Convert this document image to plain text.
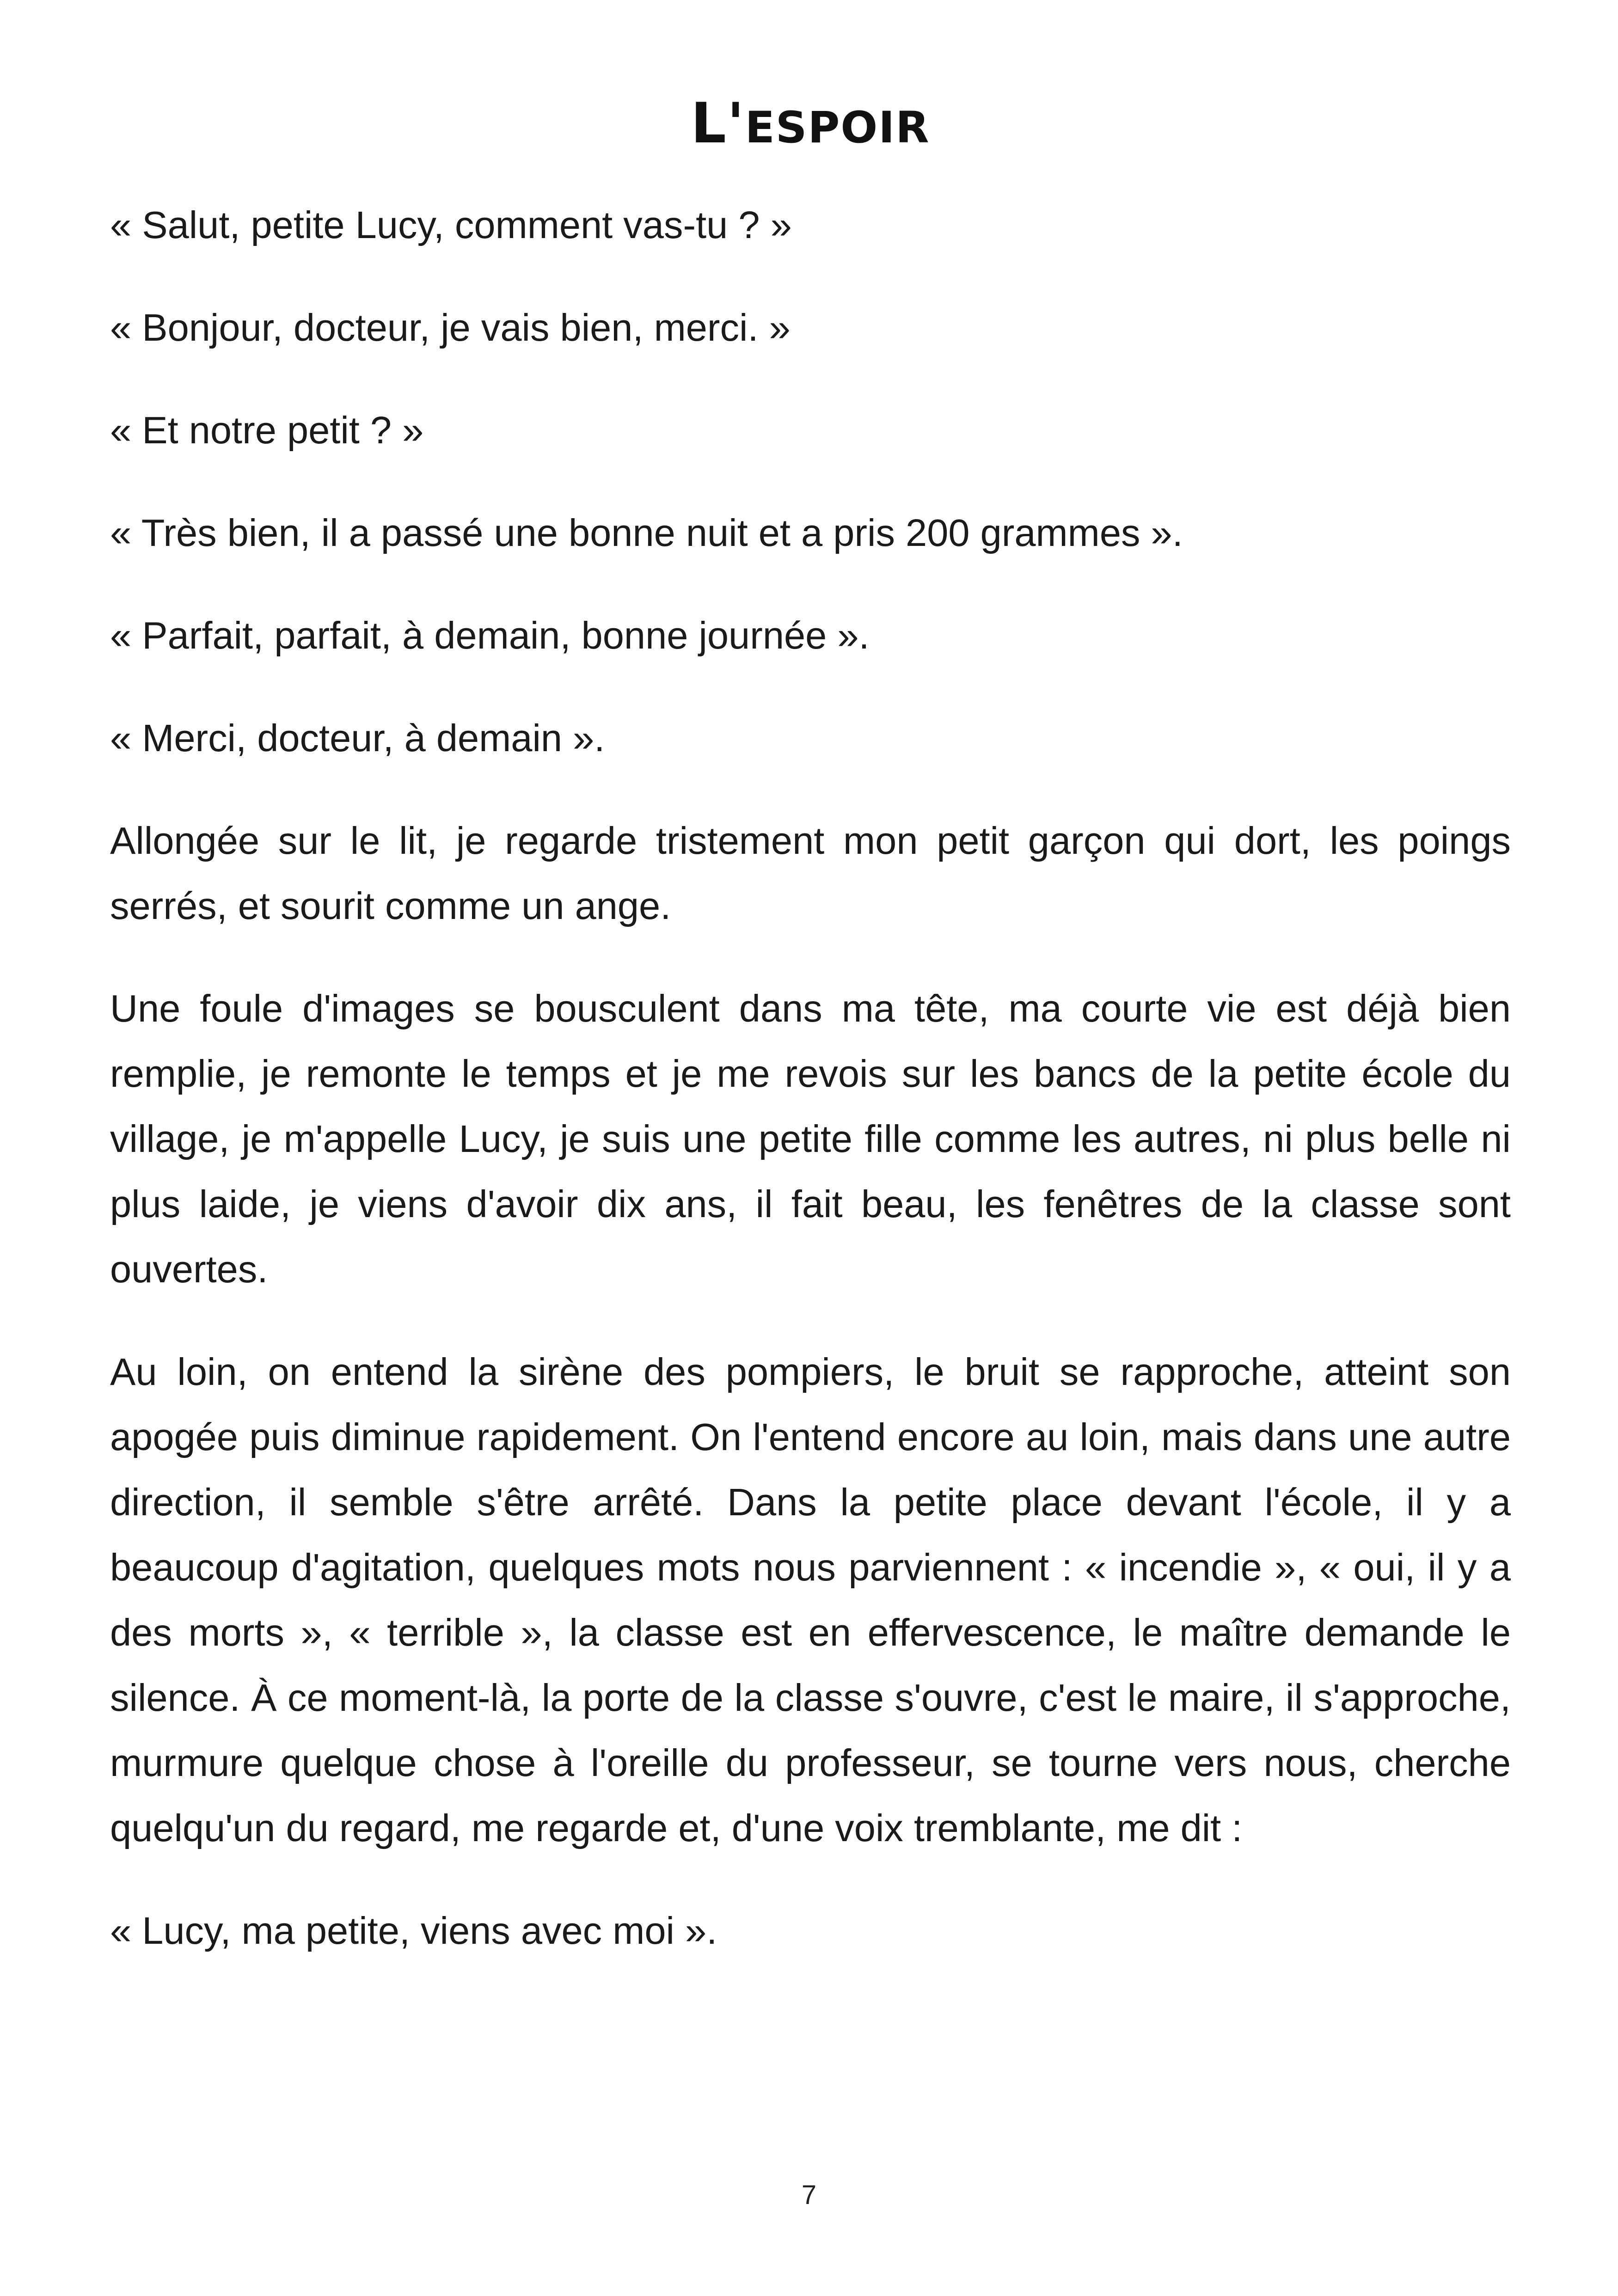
L'ESPOIR

« Salut, petite Lucy, comment vas-tu ? »

« Bonjour, docteur, je vais bien, merci. »

« Et notre petit ? »

« Très bien, il a passé une bonne nuit et a pris 200 grammes ».

« Parfait, parfait, à demain, bonne journée ».

« Merci, docteur, à demain ».

Allongée sur le lit, je regarde tristement mon petit garçon qui dort, les poings serrés, et sourit comme un ange.

Une foule d'images se bousculent dans ma tête, ma courte vie est déjà bien remplie, je remonte le temps et je me revois sur les bancs de la petite école du village, je m'appelle Lucy, je suis une petite fille comme les autres, ni plus belle ni plus laide, je viens d'avoir dix ans, il fait beau, les fenêtres de la classe sont ouvertes.

Au loin, on entend la sirène des pompiers, le bruit se rapproche, atteint son apogée puis diminue rapidement. On l'entend encore au loin, mais dans une autre direction, il semble s'être arrêté. Dans la petite place devant l'école, il y a beaucoup d'agitation, quelques mots nous parviennent : « incendie », « oui, il y a des morts », « terrible », la classe est en effervescence, le maître demande le silence. À ce moment-là, la porte de la classe s'ouvre, c'est le maire, il s'approche, murmure quelque chose à l'oreille du professeur, se tourne vers nous, cherche quelqu'un du regard, me regarde et, d'une voix tremblante, me dit :

« Lucy, ma petite, viens avec moi ».

7
